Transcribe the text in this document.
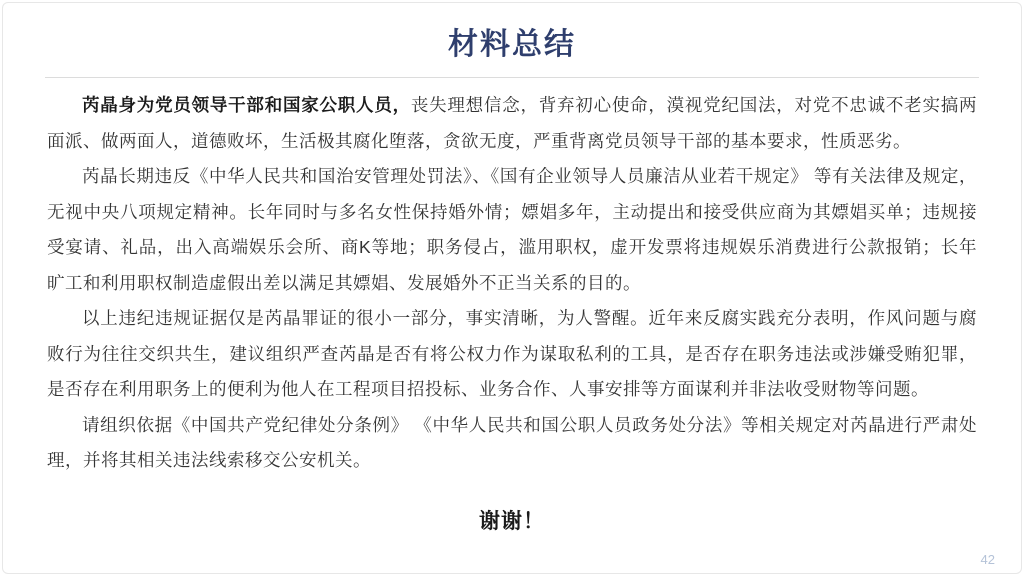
材料总结

芮晶身为党员领导干部和国家公职人员，丧失理想信念，背弃初心使命，漠视党纪国法，对党不忠诚不老实搞两面派、做两面人，道德败坏，生活极其腐化堕落，贪欲无度，严重背离党员领导干部的基本要求，性质恶劣。

芮晶长期违反《中华人民共和国治安管理处罚法》、《国有企业领导人员廉洁从业若干规定》 等有关法律及规定，无视中央八项规定精神。长年同时与多名女性保持婚外情；嫖娼多年，主动提出和接受供应商为其嫖娼买单；违规接受宴请、礼品，出入高端娱乐会所、商K等地；职务侵占，滥用职权，虚开发票将违规娱乐消费进行公款报销；长年旷工和利用职权制造虚假出差以满足其嫖娼、发展婚外不正当关系的目的。

以上违纪违规证据仅是芮晶罪证的很小一部分，事实清晰，为人警醒。近年来反腐实践充分表明，作风问题与腐败行为往往交织共生，建议组织严查芮晶是否有将公权力作为谋取私利的工具，是否存在职务违法或涉嫌受贿犯罪，是否存在利用职务上的便利为他人在工程项目招投标、业务合作、人事安排等方面谋利并非法收受财物等问题。

请组织依据《中国共产党纪律处分条例》 《中华人民共和国公职人员政务处分法》等相关规定对芮晶进行严肃处理，并将其相关违法线索移交公安机关。

谢谢！
42
